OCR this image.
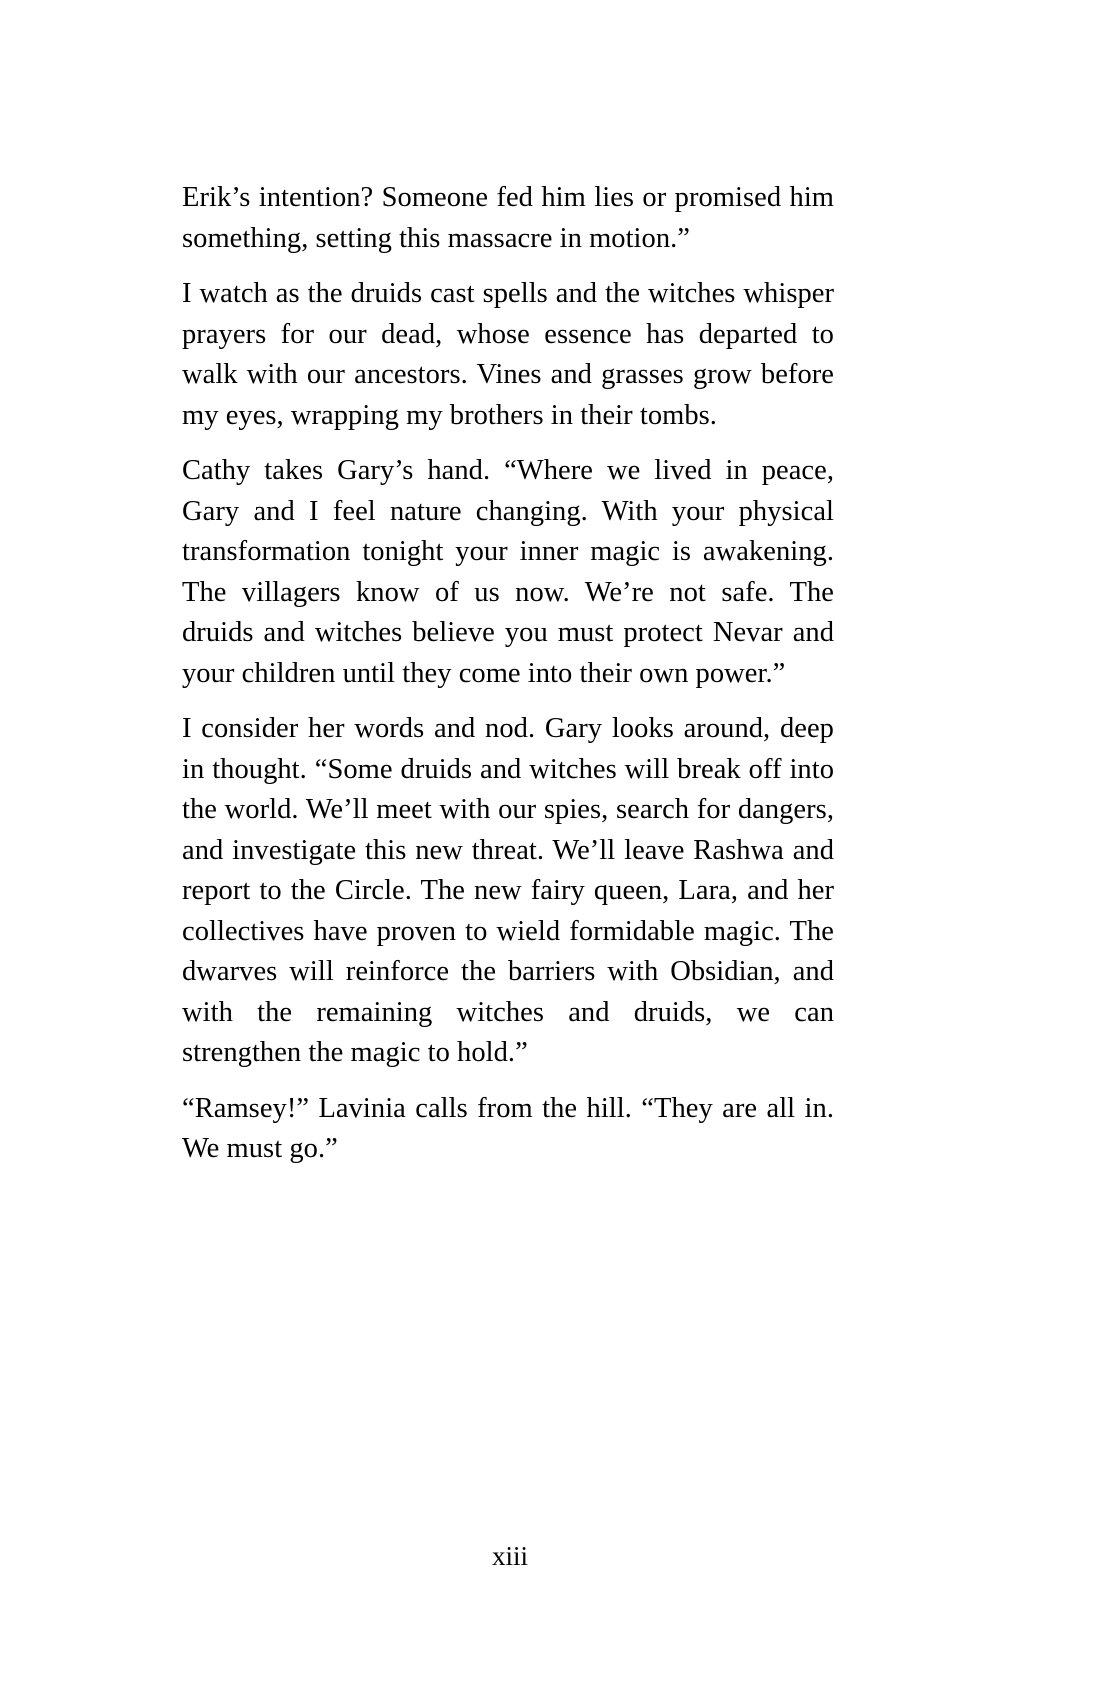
Erik’s intention? Someone fed him lies or promised him something, setting this massacre in motion.”

I watch as the druids cast spells and the witches whisper prayers for our dead, whose essence has departed to walk with our ancestors. Vines and grasses grow before my eyes, wrapping my brothers in their tombs.

Cathy takes Gary’s hand. “Where we lived in peace, Gary and I feel nature changing. With your physical transformation tonight your inner magic is awakening. The villagers know of us now. We’re not safe. The druids and witches believe you must protect Nevar and your children until they come into their own power.”

I consider her words and nod. Gary looks around, deep in thought. “Some druids and witches will break off into the world. We’ll meet with our spies, search for dangers, and investigate this new threat. We’ll leave Rashwa and report to the Circle. The new fairy queen, Lara, and her collectives have proven to wield formidable magic. The dwarves will reinforce the barriers with Obsidian, and with the remaining witches and druids, we can strengthen the magic to hold.”

“Ramsey!” Lavinia calls from the hill. “They are all in. We must go.”

xiii
